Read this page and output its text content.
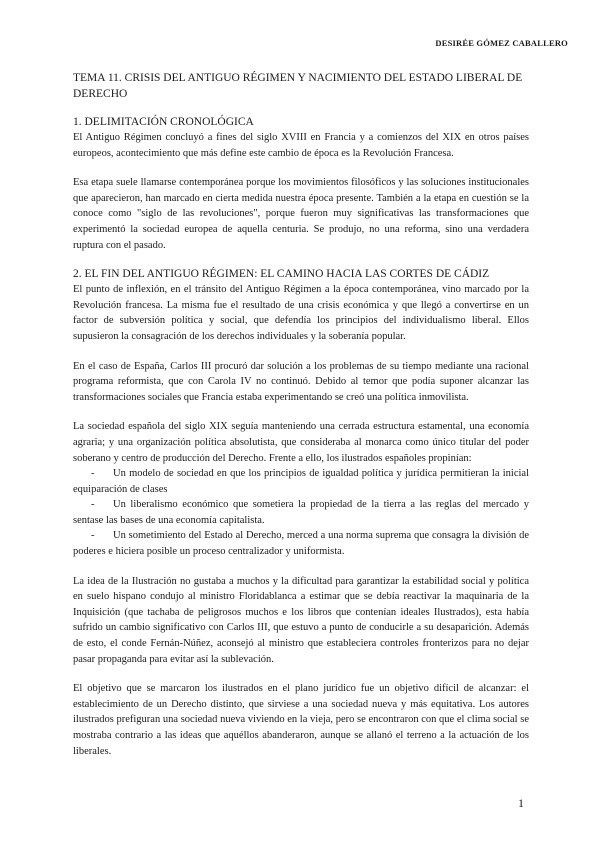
DESIRÉE GÓMEZ CABALLERO
TEMA 11. CRISIS DEL ANTIGUO RÉGIMEN Y NACIMIENTO DEL ESTADO LIBERAL DE DERECHO
1. DELIMITACIÓN CRONOLÓGICA

El Antiguo Régimen concluyó a fines del siglo XVIII en Francia y a comienzos del XIX en otros países europeos, acontecimiento que más define este cambio de época es la Revolución Francesa.

Esa etapa suele llamarse contemporánea porque los movimientos filosóficos y las soluciones institucionales que aparecieron, han marcado en cierta medida nuestra época presente. También a la etapa en cuestión se la conoce como "siglo de las revoluciones", porque fueron muy significativas las transformaciones que experimentó la sociedad europea de aquella centuria. Se produjo, no una reforma, sino una verdadera ruptura con el pasado.

2. EL FIN DEL ANTIGUO RÉGIMEN: EL CAMINO HACIA LAS CORTES DE CÁDIZ

El punto de inflexión, en el tránsito del Antiguo Régimen a la época contemporánea, vino marcado por la Revolución francesa. La misma fue el resultado de una crisis económica y que llegó a convertirse en un factor de subversión política y social, que defendía los principios del individualismo liberal. Ellos supusieron la consagración de los derechos individuales y la soberanía popular.

En el caso de España, Carlos III procuró dar solución a los problemas de su tiempo mediante una racional programa reformista, que con Carola IV no continuó. Debido al temor que podía suponer alcanzar las transformaciones sociales que Francia estaba experimentando se creó una política inmovilista.

La sociedad española del siglo XIX seguía manteniendo una cerrada estructura estamental, una economía agraria; y una organización política absolutista, que consideraba al monarca como único titular del poder soberano y centro de producción del Derecho. Frente a ello, los ilustrados españoles propinían:

- Un modelo de sociedad en que los principios de igualdad política y jurídica permitieran la inicial equiparación de clases
- Un liberalismo económico que sometiera la propiedad de la tierra a las reglas del mercado y sentase las bases de una economía capitalista.
- Un sometimiento del Estado al Derecho, merced a una norma suprema que consagra la división de poderes e hiciera posible un proceso centralizador y uniformista.

La idea de la Ilustración no gustaba a muchos y la dificultad para garantizar la estabilidad social y política en suelo hispano condujo al ministro Floridablanca a estimar que se debía reactivar la maquinaria de la Inquisición (que tachaba de peligrosos muchos e los libros que contenían ideales Ilustrados), esta había sufrido un cambio significativo con Carlos III, que estuvo a punto de conducirle a su desaparición. Además de esto, el conde Fernán-Núñez, aconsejó al ministro que estableciera controles fronterizos para no dejar pasar propaganda para evitar así la sublevación.

El objetivo que se marcaron los ilustrados en el plano jurídico fue un objetivo difícil de alcanzar: el establecimiento de un Derecho distinto, que sirviese a una sociedad nueva y más equitativa. Los autores ilustrados prefiguran una sociedad nueva viviendo en la vieja, pero se encontraron con que el clima social se mostraba contrario a las ideas que aquéllos abanderaron, aunque se allanó el terreno a la actuación de los liberales.

1
